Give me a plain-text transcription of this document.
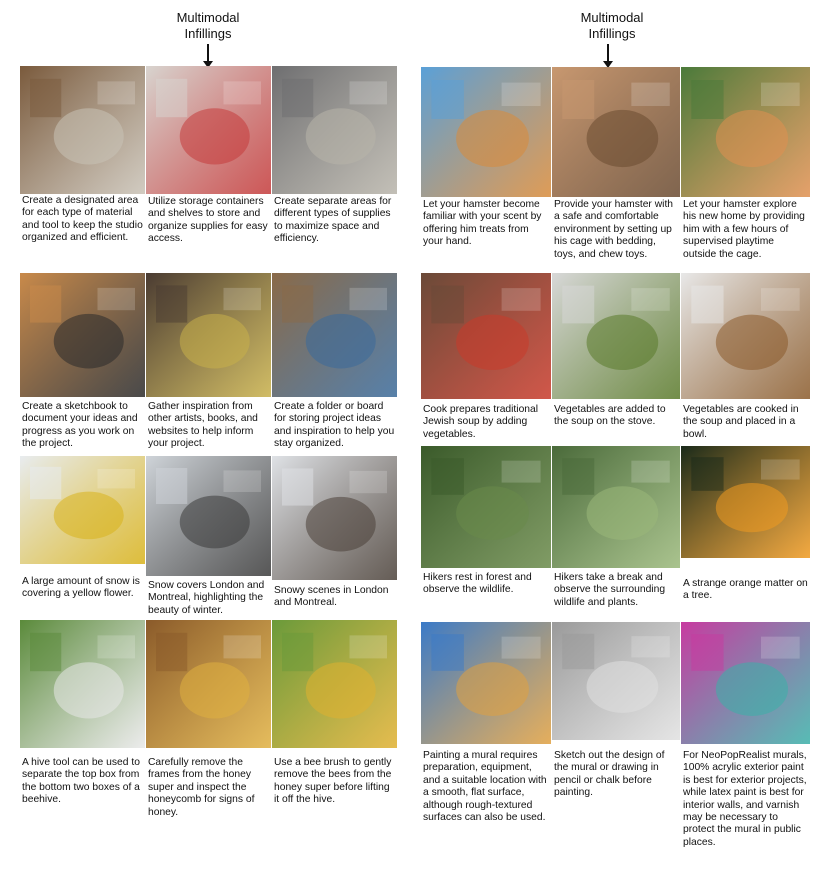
Multimodal
Infillings
Multimodal
Infillings
Create a designated area for each type of material and tool to keep the studio organized and efficient.
Utilize storage containers and shelves to store and organize supplies for easy access.
Create separate areas for different types of supplies to maximize space and efficiency.
Create a sketchbook to document your ideas and progress as you work on the project.
Gather inspiration from other artists, books, and websites to help inform your project.
Create a folder or board for storing project ideas and inspiration to help you stay organized.
A large amount of snow is covering a yellow flower.
Snow covers London and Montreal, highlighting the beauty of winter.
Snowy scenes in London and Montreal.
A hive tool can be used to separate the top box from the bottom two boxes of a beehive.
Carefully remove the frames from the honey super and inspect the honeycomb for signs of honey.
Use a bee brush to gently remove the bees from the honey super before lifting it off the hive.
Let your hamster become familiar with your scent by offering him treats from your hand.
Provide your hamster with a safe and comfortable environment by setting up his cage with bedding, toys, and chew toys.
Let your hamster explore his new home by providing him with a few hours of supervised playtime outside the cage.
Cook prepares traditional Jewish soup by adding vegetables.
Vegetables are added to the soup on the stove.
Vegetables are cooked in the soup and placed in a bowl.
Hikers rest in forest and observe the wildlife.
Hikers take a break and observe the surrounding wildlife and plants.
A strange orange matter on a tree.
Painting a mural requires preparation, equipment, and a suitable location with a smooth, flat surface, although rough-textured surfaces can also be used.
Sketch out the design of the mural or drawing in pencil or chalk before painting.
For NeoPopRealist murals, 100% acrylic exterior paint is best for exterior projects, while latex paint is best for interior walls, and varnish may be necessary to protect the mural in public places.
